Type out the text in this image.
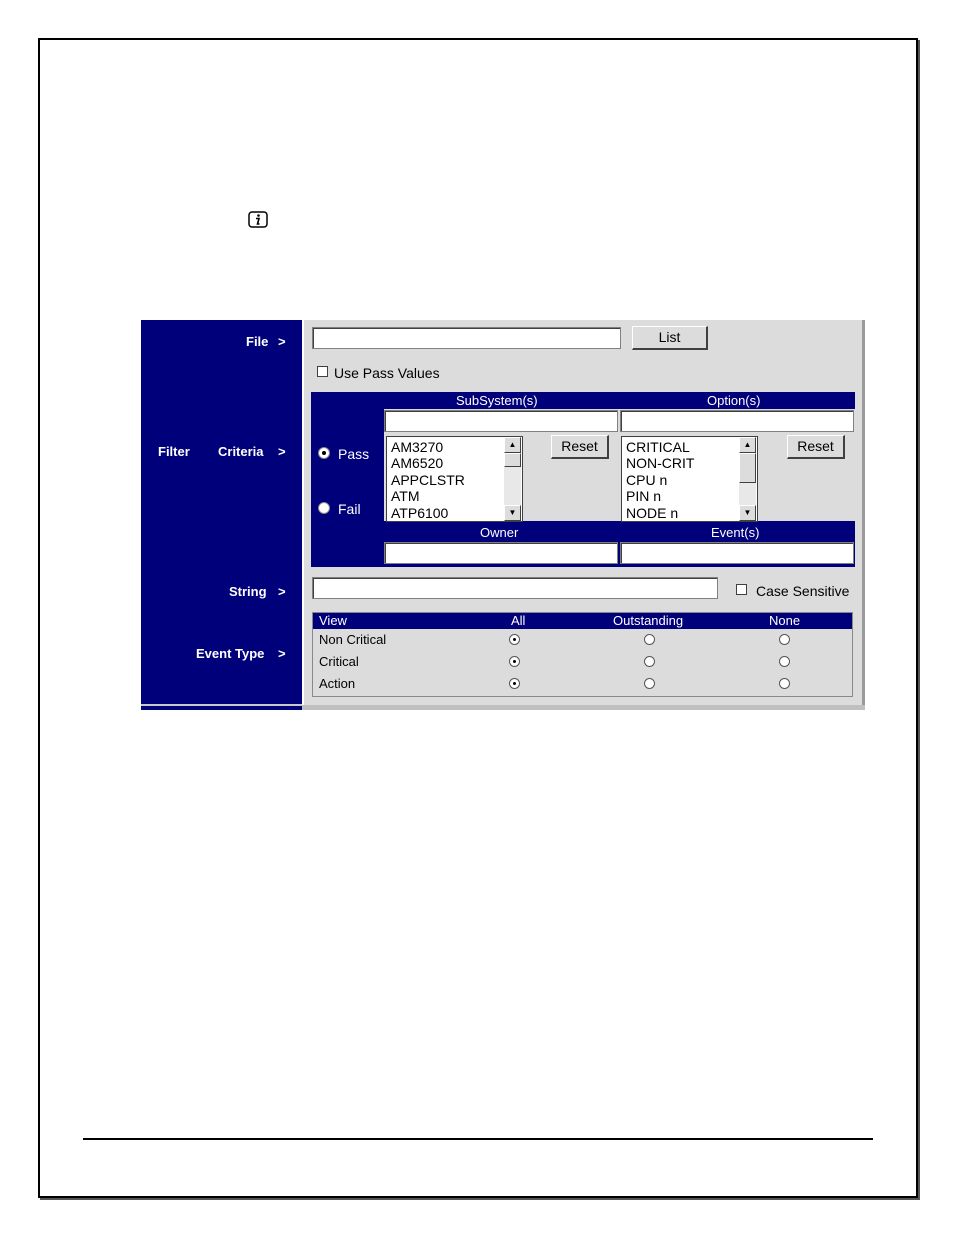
File >
Filter Criteria >
String >
Event Type >
List
Use Pass Values
SubSystem(s)	Option(s)
Pass
Fail
AM3270
AM6520
APPCLSTR
ATM
ATP6100
▲
▼
Reset	CRITICAL
NON-CRIT
CPU n
PIN n
NODE n
▲
▼
Reset
Owner	Event(s)
Case Sensitive
View	All	Outstanding	None
Non Critical
Critical
Action
